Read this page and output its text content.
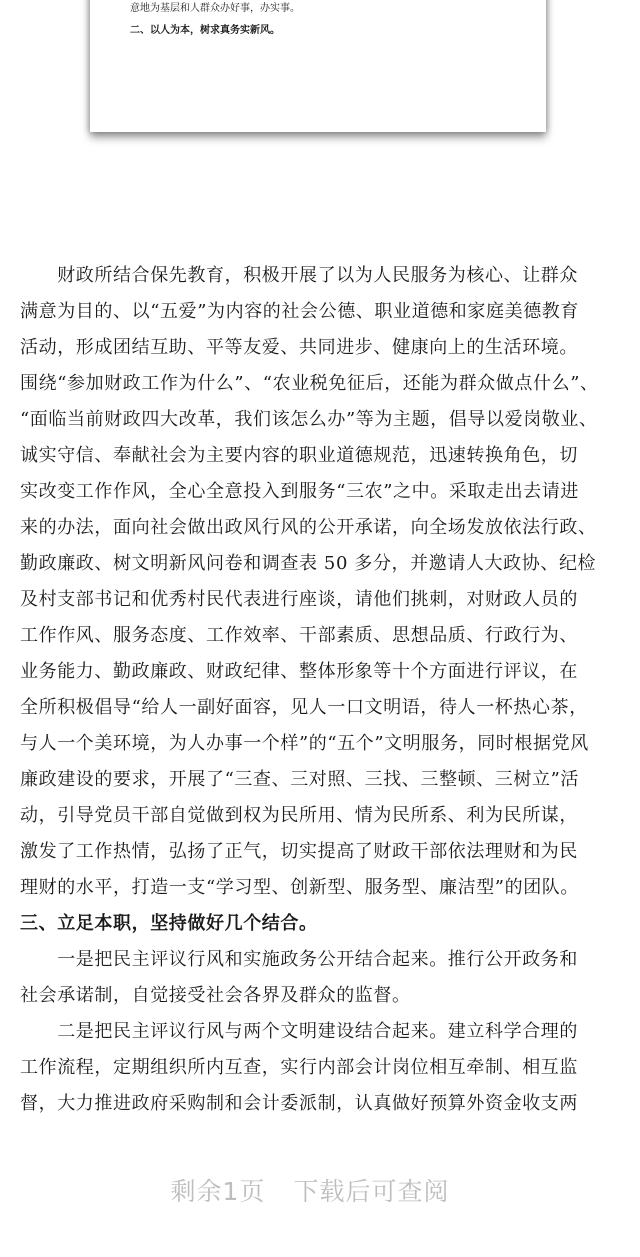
意地为基层和人群众办好事，办实事。
二、以人为本，树求真务实新风。
　　财政所结合保先教育，积极开展了以为人民服务为核心、让群众
满意为目的、以“五爱”为内容的社会公德、职业道德和家庭美德教育
活动，形成团结互助、平等友爱、共同进步、健康向上的生活环境。
围绕“参加财政工作为什么”、“农业税免征后，还能为群众做点什么”、
“面临当前财政四大改革，我们该怎么办”等为主题，倡导以爱岗敬业、
诚实守信、奉献社会为主要内容的职业道德规范，迅速转换角色，切
实改变工作作风，全心全意投入到服务“三农”之中。采取走出去请进
来的办法，面向社会做出政风行风的公开承诺，向全场发放依法行政、
勤政廉政、树文明新风问卷和调查表 50 多分，并邀请人大政协、纪检
及村支部书记和优秀村民代表进行座谈，请他们挑刺，对财政人员的
工作作风、服务态度、工作效率、干部素质、思想品质、行政行为、
业务能力、勤政廉政、财政纪律、整体形象等十个方面进行评议，在
全所积极倡导“给人一副好面容，见人一口文明语，待人一杯热心茶，
与人一个美环境，为人办事一个样”的“五个”文明服务，同时根据党风
廉政建设的要求，开展了“三查、三对照、三找、三整顿、三树立”活
动，引导党员干部自觉做到权为民所用、情为民所系、利为民所谋，
激发了工作热情，弘扬了正气，切实提高了财政干部依法理财和为民
理财的水平，打造一支“学习型、创新型、服务型、廉洁型”的团队。
三、立足本职，坚持做好几个结合。
　　一是把民主评议行风和实施政务公开结合起来。推行公开政务和
社会承诺制，自觉接受社会各界及群众的监督。
　　二是把民主评议行风与两个文明建设结合起来。建立科学合理的
工作流程，定期组织所内互查，实行内部会计岗位相互牵制、相互监
督，大力推进政府采购制和会计委派制，认真做好预算外资金收支两
剩余1页 下载后可查阅
